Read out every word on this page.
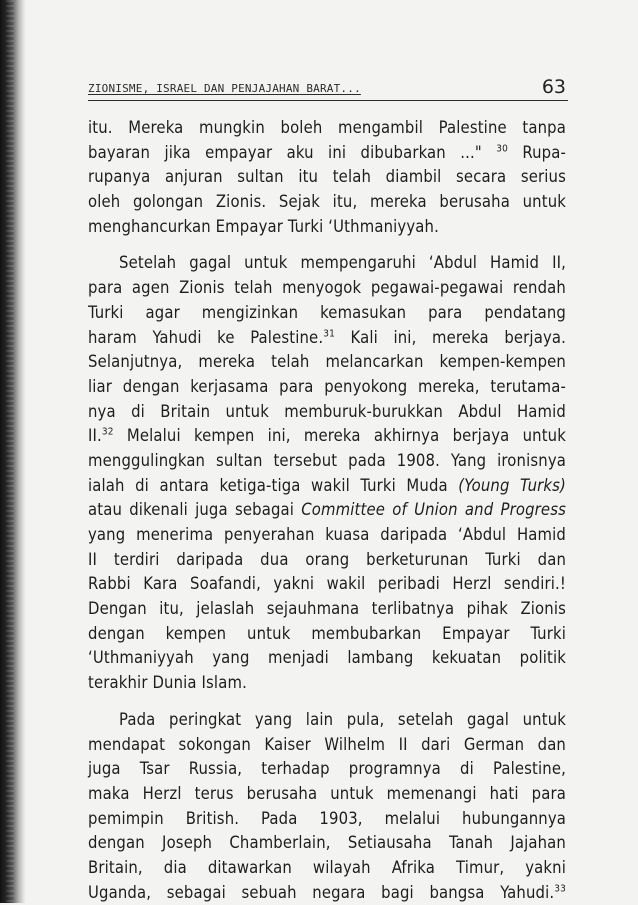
ZIONISME, ISRAEL DAN PENJAJAHAN BARAT...	63
itu. Mereka mungkin boleh mengambil Palestine tanpa
bayaran jika empayar aku ini dibubarkan ..." $^{30}$ Rupa-
rupanya anjuran sultan itu telah diambil secara serius
oleh golongan Zionis. Sejak itu, mereka berusaha untuk
menghancurkan Empayar Turki ‘Uthmaniyyah.
Setelah gagal untuk mempengaruhi ‘Abdul Hamid II,
para agen Zionis telah menyogok pegawai-pegawai rendah
Turki agar mengizinkan kemasukan para pendatang
haram Yahudi ke Palestine.$^{31}$ Kali ini, mereka berjaya.
Selanjutnya, mereka telah melancarkan kempen-kempen
liar dengan kerjasama para penyokong mereka, terutama-
nya di Britain untuk memburuk-burukkan Abdul Hamid
II.$^{32}$ Melalui kempen ini, mereka akhirnya berjaya untuk
menggulingkan sultan tersebut pada 1908. Yang ironisnya
ialah di antara ketiga-tiga wakil Turki Muda (Young Turks)
atau dikenali juga sebagai Committee of Union and Progress
yang menerima penyerahan kuasa daripada ‘Abdul Hamid
II terdiri daripada dua orang berketurunan Turki dan
Rabbi Kara Soafandi, yakni wakil peribadi Herzl sendiri.!
Dengan itu, jelaslah sejauhmana terlibatnya pihak Zionis
dengan kempen untuk membubarkan Empayar Turki
‘Uthmaniyyah yang menjadi lambang kekuatan politik
terakhir Dunia Islam.
Pada peringkat yang lain pula, setelah gagal untuk
mendapat sokongan Kaiser Wilhelm II dari German dan
juga Tsar Russia, terhadap programnya di Palestine,
maka Herzl terus berusaha untuk memenangi hati para
pemimpin British. Pada 1903, melalui hubungannya
dengan Joseph Chamberlain, Setiausaha Tanah Jajahan
Britain, dia ditawarkan wilayah Afrika Timur, yakni
Uganda, sebagai sebuah negara bagi bangsa Yahudi.$^{33}$
